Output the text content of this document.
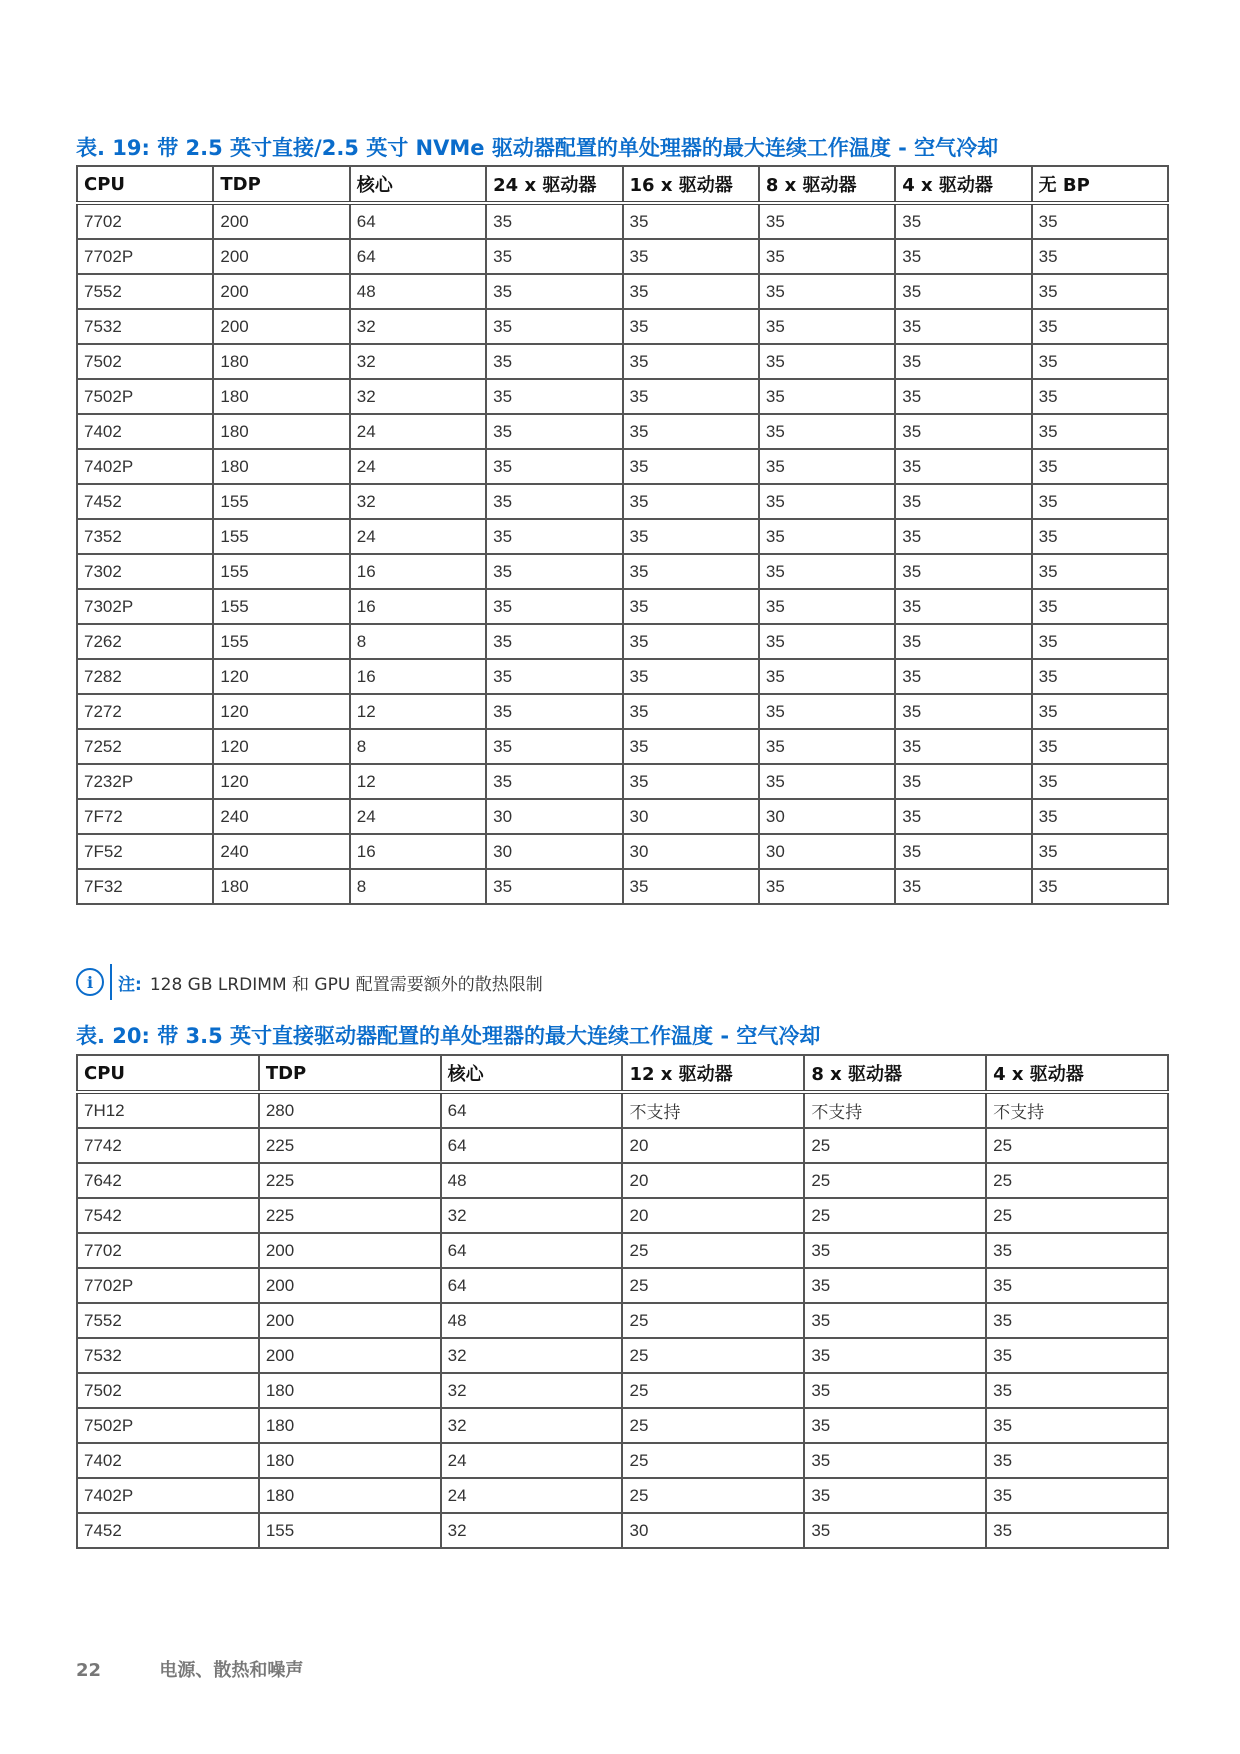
表. 19: 带 2.5 英寸直接/2.5 英寸 NVMe 驱动器配置的单处理器的最大连续工作温度 - 空气冷却
CPU	TDP	核心	24 x 驱动器	16 x 驱动器	8 x 驱动器	4 x 驱动器	无 BP
7702	200	64	35	35	35	35	35
7702P	200	64	35	35	35	35	35
7552	200	48	35	35	35	35	35
7532	200	32	35	35	35	35	35
7502	180	32	35	35	35	35	35
7502P	180	32	35	35	35	35	35
7402	180	24	35	35	35	35	35
7402P	180	24	35	35	35	35	35
7452	155	32	35	35	35	35	35
7352	155	24	35	35	35	35	35
7302	155	16	35	35	35	35	35
7302P	155	16	35	35	35	35	35
7262	155	8	35	35	35	35	35
7282	120	16	35	35	35	35	35
7272	120	12	35	35	35	35	35
7252	120	8	35	35	35	35	35
7232P	120	12	35	35	35	35	35
7F72	240	24	30	30	30	35	35
7F52	240	16	30	30	30	35	35
7F32	180	8	35	35	35	35	35
i	注: 128 GB LRDIMM 和 GPU 配置需要额外的散热限制
表. 20: 带 3.5 英寸直接驱动器配置的单处理器的最大连续工作温度 - 空气冷却
CPU	TDP	核心	12 x 驱动器	8 x 驱动器	4 x 驱动器
7H12	280	64	不支持	不支持	不支持
7742	225	64	20	25	25
7642	225	48	20	25	25
7542	225	32	20	25	25
7702	200	64	25	35	35
7702P	200	64	25	35	35
7552	200	48	25	35	35
7532	200	32	25	35	35
7502	180	32	25	35	35
7502P	180	32	25	35	35
7402	180	24	25	35	35
7402P	180	24	25	35	35
7452	155	32	30	35	35
22	电源、散热和噪声
